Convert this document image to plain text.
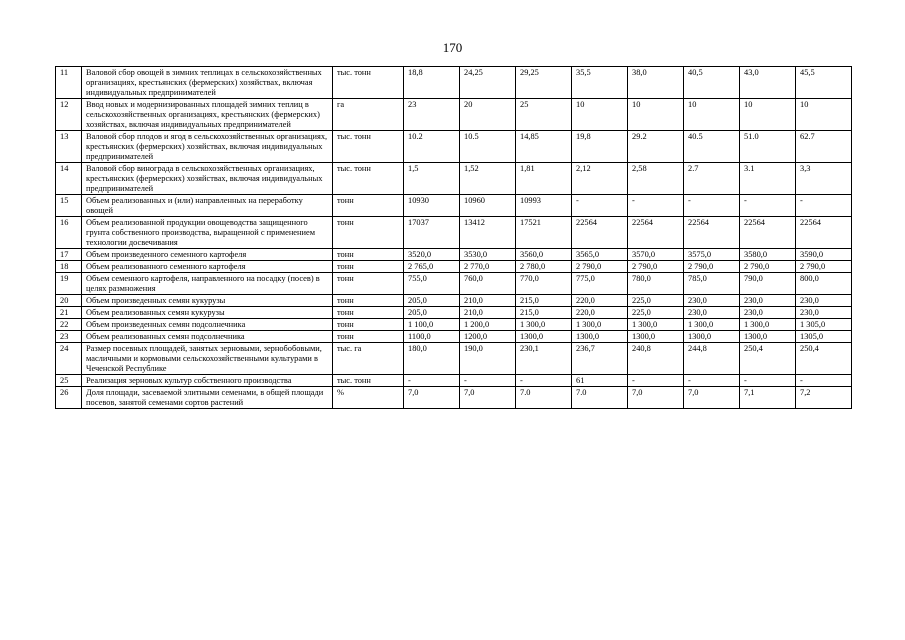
170
11	Валовой сбор овощей в зимних теплицах в сельскохозяйственных организациях, крестьянских (фермерских) хозяйствах, включая индивидуальных предпринимателей	тыс. тонн	18,8	24,25	29,25	35,5	38,0	40,5	43,0	45,5
12	Ввод новых и модернизированных площадей зимних теплиц в сельскохозяйственных организациях, крестьянских (фермерских) хозяйствах, включая индивидуальных предпринимателей	га	23	20	25	10	10	10	10	10
13	Валовой сбор плодов и ягод в сельскохозяйственных организациях, крестьянских (фермерских) хозяйствах, включая индивидуальных предпринимателей	тыс. тонн	10.2	10.5	14,85	19,8	29.2	40.5	51.0	62.7
14	Валовой сбор винограда в сельскохозяйственных организациях, крестьянских (фермерских) хозяйствах, включая индивидуальных предпринимателей	тыс. тонн	1,5	1,52	1,81	2,12	2,58	2.7	3.1	3,3
15	Объем реализованных и (или) направленных на переработку овощей	тонн	10930	10960	10993	-	-	-	-	-
16	Объем реализованной продукции овощеводства защищенного грунта собственного производства, выращенной с применением технологии досвечивания	тонн	17037	13412	17521	22564	22564	22564	22564	22564
17	Объем произведенного семенного картофеля	тонн	3520,0	3530,0	3560,0	3565,0	3570,0	3575,0	3580,0	3590,0
18	Объем реализованного семенного картофеля	тонн	2 765,0	2 770,0	2 780,0	2 790,0	2 790,0	2 790,0	2 790,0	2 790,0
19	Объем семенного картофеля, направленного на посадку (посев) в целях размножения	тонн	755,0	760,0	770,0	775,0	780,0	785,0	790,0	800,0
20	Объем произведенных семян кукурузы	тонн	205,0	210,0	215,0	220,0	225,0	230,0	230,0	230,0
21	Объем реализованных семян кукурузы	тонн	205,0	210,0	215,0	220,0	225,0	230,0	230,0	230,0
22	Объем произведенных семян подсолнечника	тонн	1 100,0	1 200,0	1 300,0	1 300,0	1 300,0	1 300,0	1 300,0	1 305,0
23	Объем реализованных семян подсолнечника	тонн	1100,0	1200,0	1300,0	1300,0	1300,0	1300,0	1300,0	1305,0
24	Размер посевных площадей, занятых зерновыми, зернобобовыми, масличными и кормовыми сельскохозяйственными культурами в Чеченской Республике	тыс. га	180,0	190,0	230,1	236,7	240,8	244,8	250,4	250,4
25	Реализация зерновых культур собственного производства	тыс. тонн	-	-	-	61	-	-	-	-
26	Доля площади, засеваемой элитными семенами, в общей площади посевов, занятой семенами сортов растений	%	7,0	7,0	7.0	7.0	7,0	7,0	7,1	7,2
